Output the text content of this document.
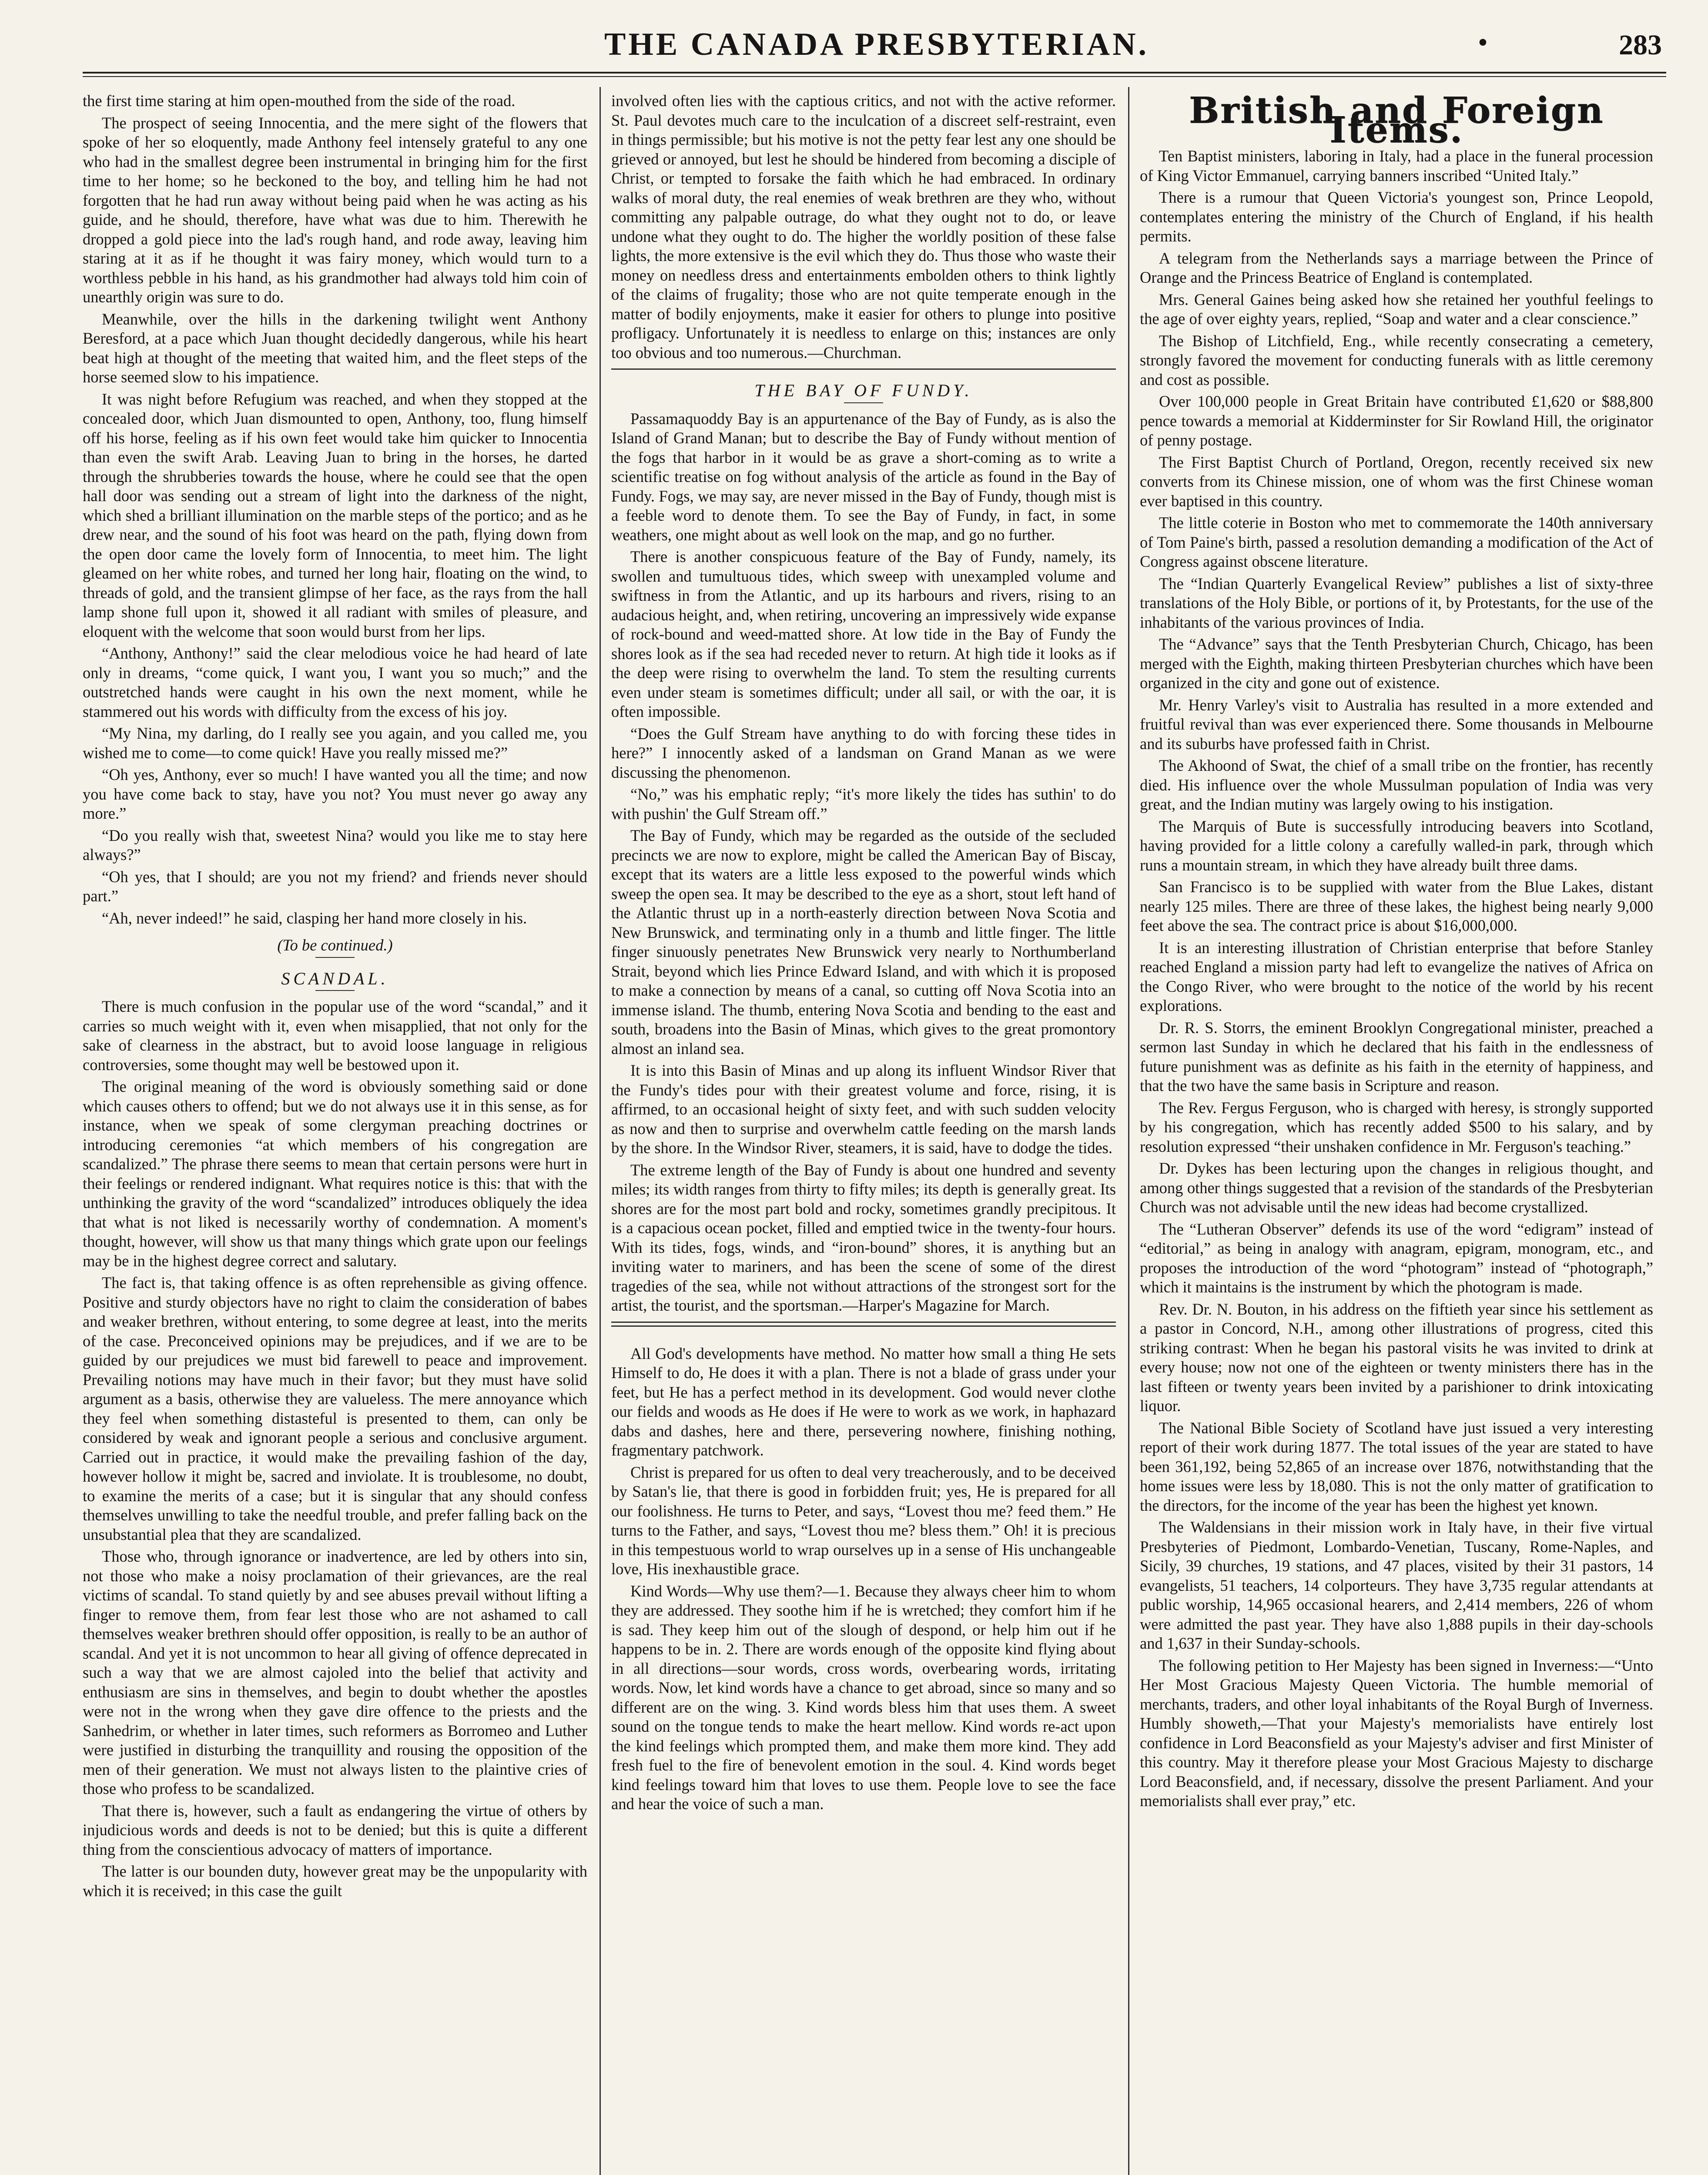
THE CANADA PRESBYTERIAN.	•	283

the first time staring at him open-mouthed from the side of the road.

The prospect of seeing Innocentia, and the mere sight of the flowers that spoke of her so eloquently, made Anthony feel intensely grateful to any one who had in the smallest degree been instrumental in bringing him for the first time to her home; so he beckoned to the boy, and telling him he had not forgotten that he had run away without being paid when he was acting as his guide, and he should, therefore, have what was due to him. Therewith he dropped a gold piece into the lad's rough hand, and rode away, leaving him staring at it as if he thought it was fairy money, which would turn to a worthless pebble in his hand, as his grandmother had always told him coin of unearthly origin was sure to do.

Meanwhile, over the hills in the darkening twilight went Anthony Beresford, at a pace which Juan thought decidedly dangerous, while his heart beat high at thought of the meeting that waited him, and the fleet steps of the horse seemed slow to his impatience.

It was night before Refugium was reached, and when they stopped at the concealed door, which Juan dismounted to open, Anthony, too, flung himself off his horse, feeling as if his own feet would take him quicker to Innocentia than even the swift Arab. Leaving Juan to bring in the horses, he darted through the shrubberies towards the house, where he could see that the open hall door was sending out a stream of light into the darkness of the night, which shed a brilliant illumination on the marble steps of the portico; and as he drew near, and the sound of his foot was heard on the path, flying down from the open door came the lovely form of Innocentia, to meet him. The light gleamed on her white robes, and turned her long hair, floating on the wind, to threads of gold, and the transient glimpse of her face, as the rays from the hall lamp shone full upon it, showed it all radiant with smiles of pleasure, and eloquent with the welcome that soon would burst from her lips.

“Anthony, Anthony!” said the clear melodious voice he had heard of late only in dreams, “come quick, I want you, I want you so much;” and the outstretched hands were caught in his own the next moment, while he stammered out his words with difficulty from the excess of his joy.

“My Nina, my darling, do I really see you again, and you called me, you wished me to come—to come quick! Have you really missed me?”

“Oh yes, Anthony, ever so much! I have wanted you all the time; and now you have come back to stay, have you not? You must never go away any more.”

“Do you really wish that, sweetest Nina? would you like me to stay here always?”

“Oh yes, that I should; are you not my friend? and friends never should part.”

“Ah, never indeed!” he said, clasping her hand more closely in his.

(To be continued.)
SCANDAL.

There is much confusion in the popular use of the word “scandal,” and it carries so much weight with it, even when misapplied, that not only for the sake of clearness in the abstract, but to avoid loose language in religious controversies, some thought may well be bestowed upon it.

The original meaning of the word is obviously something said or done which causes others to offend; but we do not always use it in this sense, as for instance, when we speak of some clergyman preaching doctrines or introducing ceremonies “at which members of his congregation are scandalized.” The phrase there seems to mean that certain persons were hurt in their feelings or rendered indignant. What requires notice is this: that with the unthinking the gravity of the word “scandalized” introduces obliquely the idea that what is not liked is necessarily worthy of condemnation. A moment's thought, however, will show us that many things which grate upon our feelings may be in the highest degree correct and salutary.

The fact is, that taking offence is as often reprehensible as giving offence. Positive and sturdy objectors have no right to claim the consideration of babes and weaker brethren, without entering, to some degree at least, into the merits of the case. Preconceived opinions may be prejudices, and if we are to be guided by our prejudices we must bid farewell to peace and improvement. Prevailing notions may have much in their favor; but they must have solid argument as a basis, otherwise they are valueless. The mere annoyance which they feel when something distasteful is presented to them, can only be considered by weak and ignorant people a serious and conclusive argument. Carried out in practice, it would make the prevailing fashion of the day, however hollow it might be, sacred and inviolate. It is troublesome, no doubt, to examine the merits of a case; but it is singular that any should confess themselves unwilling to take the needful trouble, and prefer falling back on the unsubstantial plea that they are scandalized.

Those who, through ignorance or inadvertence, are led by others into sin, not those who make a noisy proclamation of their grievances, are the real victims of scandal. To stand quietly by and see abuses prevail without lifting a finger to remove them, from fear lest those who are not ashamed to call themselves weaker brethren should offer opposition, is really to be an author of scandal. And yet it is not uncommon to hear all giving of offence deprecated in such a way that we are almost cajoled into the belief that activity and enthusiasm are sins in themselves, and begin to doubt whether the apostles were not in the wrong when they gave dire offence to the priests and the Sanhedrim, or whether in later times, such reformers as Borromeo and Luther were justified in disturbing the tranquillity and rousing the opposition of the men of their generation. We must not always listen to the plaintive cries of those who profess to be scandalized.

That there is, however, such a fault as endangering the virtue of others by injudicious words and deeds is not to be denied; but this is quite a different thing from the conscientious advocacy of matters of importance.

The latter is our bounden duty, however great may be the unpopularity with which it is received; in this case the guilt

involved often lies with the captious critics, and not with the active reformer. St. Paul devotes much care to the inculcation of a discreet self-restraint, even in things permissible; but his motive is not the petty fear lest any one should be grieved or annoyed, but lest he should be hindered from becoming a disciple of Christ, or tempted to forsake the faith which he had embraced. In ordinary walks of moral duty, the real enemies of weak brethren are they who, without committing any palpable outrage, do what they ought not to do, or leave undone what they ought to do. The higher the worldly position of these false lights, the more extensive is the evil which they do. Thus those who waste their money on needless dress and entertainments embolden others to think lightly of the claims of frugality; those who are not quite temperate enough in the matter of bodily enjoyments, make it easier for others to plunge into positive profligacy. Unfortunately it is needless to enlarge on this; instances are only too obvious and too numerous.—Churchman.

THE BAY OF FUNDY.

Passamaquoddy Bay is an appurtenance of the Bay of Fundy, as is also the Island of Grand Manan; but to describe the Bay of Fundy without mention of the fogs that harbor in it would be as grave a short-coming as to write a scientific treatise on fog without analysis of the article as found in the Bay of Fundy. Fogs, we may say, are never missed in the Bay of Fundy, though mist is a feeble word to denote them. To see the Bay of Fundy, in fact, in some weathers, one might about as well look on the map, and go no further.

There is another conspicuous feature of the Bay of Fundy, namely, its swollen and tumultuous tides, which sweep with unexampled volume and swiftness in from the Atlantic, and up its harbours and rivers, rising to an audacious height, and, when retiring, uncovering an impressively wide expanse of rock-bound and weed-matted shore. At low tide in the Bay of Fundy the shores look as if the sea had receded never to return. At high tide it looks as if the deep were rising to overwhelm the land. To stem the resulting currents even under steam is sometimes difficult; under all sail, or with the oar, it is often impossible.

“Does the Gulf Stream have anything to do with forcing these tides in here?” I innocently asked of a landsman on Grand Manan as we were discussing the phenomenon.

“No,” was his emphatic reply; “it's more likely the tides has suthin' to do with pushin' the Gulf Stream off.”

The Bay of Fundy, which may be regarded as the outside of the secluded precincts we are now to explore, might be called the American Bay of Biscay, except that its waters are a little less exposed to the powerful winds which sweep the open sea. It may be described to the eye as a short, stout left hand of the Atlantic thrust up in a north-easterly direction between Nova Scotia and New Brunswick, and terminating only in a thumb and little finger. The little finger sinuously penetrates New Brunswick very nearly to Northumberland Strait, beyond which lies Prince Edward Island, and with which it is proposed to make a connection by means of a canal, so cutting off Nova Scotia into an immense island. The thumb, entering Nova Scotia and bending to the east and south, broadens into the Basin of Minas, which gives to the great promontory almost an inland sea.

It is into this Basin of Minas and up along its influent Windsor River that the Fundy's tides pour with their greatest volume and force, rising, it is affirmed, to an occasional height of sixty feet, and with such sudden velocity as now and then to surprise and overwhelm cattle feeding on the marsh lands by the shore. In the Windsor River, steamers, it is said, have to dodge the tides.

The extreme length of the Bay of Fundy is about one hundred and seventy miles; its width ranges from thirty to fifty miles; its depth is generally great. Its shores are for the most part bold and rocky, sometimes grandly precipitous. It is a capacious ocean pocket, filled and emptied twice in the twenty-four hours. With its tides, fogs, winds, and “iron-bound” shores, it is anything but an inviting water to mariners, and has been the scene of some of the direst tragedies of the sea, while not without attractions of the strongest sort for the artist, the tourist, and the sportsman.—Harper's Magazine for March.

All God's developments have method. No matter how small a thing He sets Himself to do, He does it with a plan. There is not a blade of grass under your feet, but He has a perfect method in its development. God would never clothe our fields and woods as He does if He were to work as we work, in haphazard dabs and dashes, here and there, persevering nowhere, finishing nothing, fragmentary patchwork.

Christ is prepared for us often to deal very treacherously, and to be deceived by Satan's lie, that there is good in forbidden fruit; yes, He is prepared for all our foolishness. He turns to Peter, and says, “Lovest thou me? feed them.” He turns to the Father, and says, “Lovest thou me? bless them.” Oh! it is precious in this tempestuous world to wrap ourselves up in a sense of His unchangeable love, His inexhaustible grace.

Kind Words—Why use them?—1. Because they always cheer him to whom they are addressed. They soothe him if he is wretched; they comfort him if he is sad. They keep him out of the slough of despond, or help him out if he happens to be in. 2. There are words enough of the opposite kind flying about in all directions—sour words, cross words, overbearing words, irritating words. Now, let kind words have a chance to get abroad, since so many and so different are on the wing. 3. Kind words bless him that uses them. A sweet sound on the tongue tends to make the heart mellow. Kind words re-act upon the kind feelings which prompted them, and make them more kind. They add fresh fuel to the fire of benevolent emotion in the soul. 4. Kind words beget kind feelings toward him that loves to use them. People love to see the face and hear the voice of such a man.

British and Foreign Items.

Ten Baptist ministers, laboring in Italy, had a place in the funeral procession of King Victor Emmanuel, carrying banners inscribed “United Italy.”

There is a rumour that Queen Victoria's youngest son, Prince Leopold, contemplates entering the ministry of the Church of England, if his health permits.

A telegram from the Netherlands says a marriage between the Prince of Orange and the Princess Beatrice of England is contemplated.

Mrs. General Gaines being asked how she retained her youthful feelings to the age of over eighty years, replied, “Soap and water and a clear conscience.”

The Bishop of Litchfield, Eng., while recently consecrating a cemetery, strongly favored the movement for conducting funerals with as little ceremony and cost as possible.

Over 100,000 people in Great Britain have contributed £1,620 or $88,800 pence towards a memorial at Kidderminster for Sir Rowland Hill, the originator of penny postage.

The First Baptist Church of Portland, Oregon, recently received six new converts from its Chinese mission, one of whom was the first Chinese woman ever baptised in this country.

The little coterie in Boston who met to commemorate the 140th anniversary of Tom Paine's birth, passed a resolution demanding a modification of the Act of Congress against obscene literature.

The “Indian Quarterly Evangelical Review” publishes a list of sixty-three translations of the Holy Bible, or portions of it, by Protestants, for the use of the inhabitants of the various provinces of India.

The “Advance” says that the Tenth Presbyterian Church, Chicago, has been merged with the Eighth, making thirteen Presbyterian churches which have been organized in the city and gone out of existence.

Mr. Henry Varley's visit to Australia has resulted in a more extended and fruitful revival than was ever experienced there. Some thousands in Melbourne and its suburbs have professed faith in Christ.

The Akhoond of Swat, the chief of a small tribe on the frontier, has recently died. His influence over the whole Mussulman population of India was very great, and the Indian mutiny was largely owing to his instigation.

The Marquis of Bute is successfully introducing beavers into Scotland, having provided for a little colony a carefully walled-in park, through which runs a mountain stream, in which they have already built three dams.

San Francisco is to be supplied with water from the Blue Lakes, distant nearly 125 miles. There are three of these lakes, the highest being nearly 9,000 feet above the sea. The contract price is about $16,000,000.

It is an interesting illustration of Christian enterprise that before Stanley reached England a mission party had left to evangelize the natives of Africa on the Congo River, who were brought to the notice of the world by his recent explorations.

Dr. R. S. Storrs, the eminent Brooklyn Congregational minister, preached a sermon last Sunday in which he declared that his faith in the endlessness of future punishment was as definite as his faith in the eternity of happiness, and that the two have the same basis in Scripture and reason.

The Rev. Fergus Ferguson, who is charged with heresy, is strongly supported by his congregation, which has recently added $500 to his salary, and by resolution expressed “their unshaken confidence in Mr. Ferguson's teaching.”

Dr. Dykes has been lecturing upon the changes in religious thought, and among other things suggested that a revision of the standards of the Presbyterian Church was not advisable until the new ideas had become crystallized.

The “Lutheran Observer” defends its use of the word “edigram” instead of “editorial,” as being in analogy with anagram, epigram, monogram, etc., and proposes the introduction of the word “photogram” instead of “photograph,” which it maintains is the instrument by which the photogram is made.

Rev. Dr. N. Bouton, in his address on the fiftieth year since his settlement as a pastor in Concord, N.H., among other illustrations of progress, cited this striking contrast: When he began his pastoral visits he was invited to drink at every house; now not one of the eighteen or twenty ministers there has in the last fifteen or twenty years been invited by a parishioner to drink intoxicating liquor.

The National Bible Society of Scotland have just issued a very interesting report of their work during 1877. The total issues of the year are stated to have been 361,192, being 52,865 of an increase over 1876, notwithstanding that the home issues were less by 18,080. This is not the only matter of gratification to the directors, for the income of the year has been the highest yet known.

The Waldensians in their mission work in Italy have, in their five virtual Presbyteries of Piedmont, Lombardo-Venetian, Tuscany, Rome-Naples, and Sicily, 39 churches, 19 stations, and 47 places, visited by their 31 pastors, 14 evangelists, 51 teachers, 14 colporteurs. They have 3,735 regular attendants at public worship, 14,965 occasional hearers, and 2,414 members, 226 of whom were admitted the past year. They have also 1,888 pupils in their day-schools and 1,637 in their Sunday-schools.

The following petition to Her Majesty has been signed in Inverness:—“Unto Her Most Gracious Majesty Queen Victoria. The humble memorial of merchants, traders, and other loyal inhabitants of the Royal Burgh of Inverness. Humbly showeth,—That your Majesty's memorialists have entirely lost confidence in Lord Beaconsfield as your Majesty's adviser and first Minister of this country. May it therefore please your Most Gracious Majesty to discharge Lord Beaconsfield, and, if necessary, dissolve the present Parliament. And your memorialists shall ever pray,” etc.
